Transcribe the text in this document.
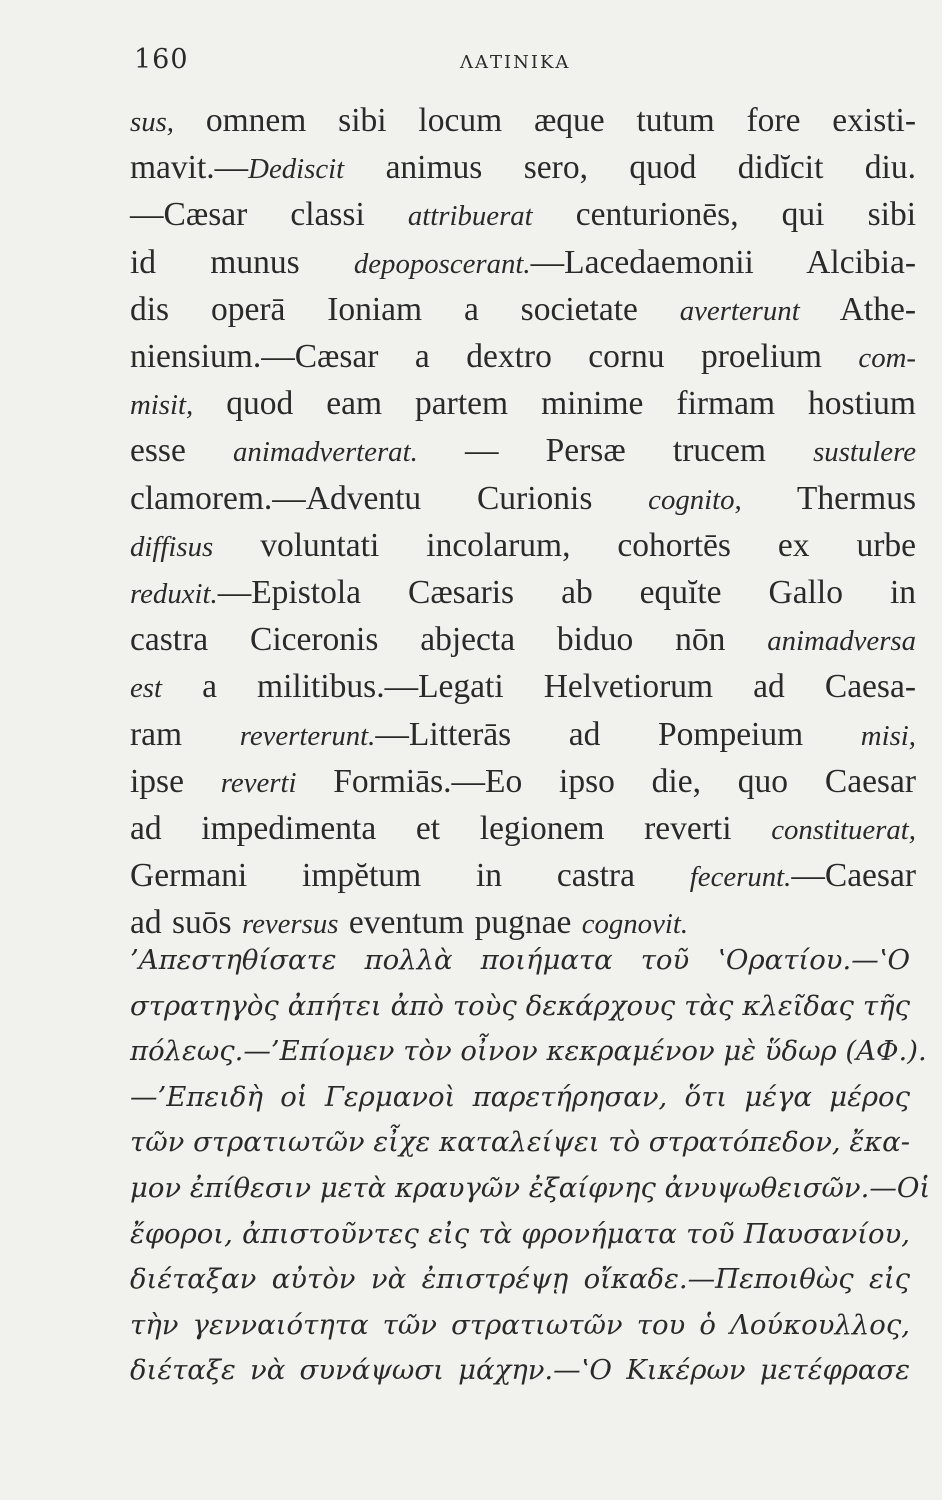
160	ΛΑΤΙΝΙΚΑ
sus, omnem sibi locum æque tutum fore existi-
mavit.—Dediscit animus sero, quod didĭcit diu.
—Cæsar classi attribuerat centurionēs, qui sibi
id munus depoposcerant.—Lacedaemonii Alcibia-
dis operā Ioniam a societate averterunt Athe-
niensium.—Cæsar a dextro cornu proelium com-
misit, quod eam partem minime firmam hostium
esse animadverterat. — Persæ trucem sustulere
clamorem.—Adventu Curionis cognito, Thermus
diffisus voluntati incolarum, cohortēs ex urbe
reduxit.—Epistola Cæsaris ab equĭte Gallo in
castra Ciceronis abjecta biduo nōn animadversa
est a militibus.—Legati Helvetiorum ad Caesa-
ram reverterunt.—Litterās ad Pompeium misi,
ipse reverti Formiās.—Eo ipso die, quo Caesar
ad impedimenta et legionem reverti constituerat,
Germani impĕtum in castra fecerunt.—Caesar
ad suōs reversus eventum pugnae cognovit.
’Απεστηθίσατε πολλὰ ποιήματα τοῦ ʽΟρατίου.—ʽΟ
στρατηγὸς ἀπήτει ἀπὸ τοὺς δεκάρχους τὰς κλεῖδας τῆς
πόλεως.—’Επίομεν τὸν οἶνον κεκραμένον μὲ ὕδωρ (ΑΦ.).
—’Επειδὴ οἱ Γερμανοὶ παρετήρησαν, ὅτι μέγα μέρος
τῶν στρατιωτῶν εἶχε καταλείψει τὸ στρατόπεδον, ἔκα-
μον ἐπίθεσιν μετὰ κραυγῶν ἐξαίφνης ἀνυψωθεισῶν.—Οἱ
ἔφοροι, ἀπιστοῦντες εἰς τὰ φρονήματα τοῦ Παυσανίου,
διέταξαν αὐτὸν νὰ ἐπιστρέψῃ οἴκαδε.—Πεποιθὼς εἰς
τὴν γενναιότητα τῶν στρατιωτῶν του ὁ Λούκουλλος,
διέταξε νὰ συνάψωσι μάχην.—ʽΟ Κικέρων μετέφρασε
